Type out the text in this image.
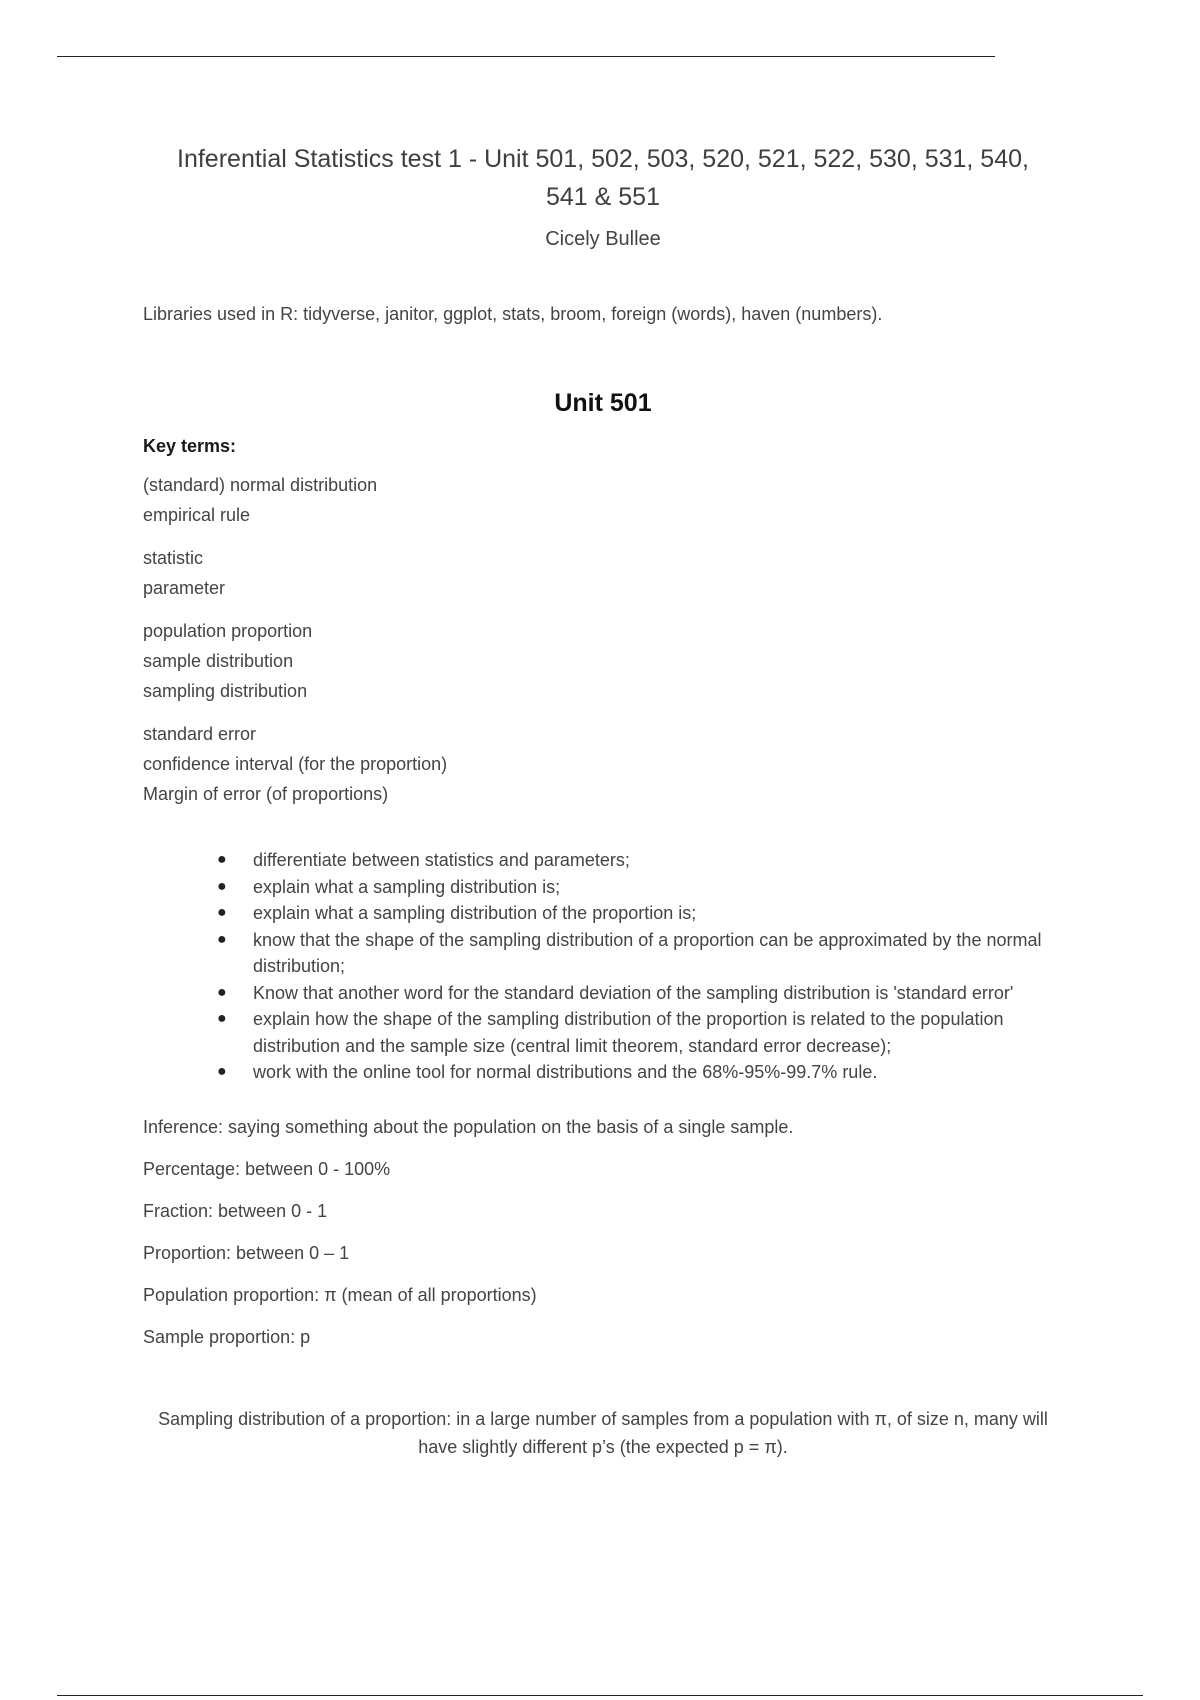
Inferential Statistics test 1 - Unit 501, 502, 503, 520, 521, 522, 530, 531, 540, 541 & 551
Cicely Bullee
Libraries used in R: tidyverse, janitor, ggplot, stats, broom, foreign (words), haven (numbers).
Unit 501
Key terms:
(standard) normal distribution
empirical rule
statistic
parameter
population proportion
sample distribution
sampling distribution
standard error
confidence interval (for the proportion)
Margin of error (of proportions)
● differentiate between statistics and parameters;
● explain what a sampling distribution is;
● explain what a sampling distribution of the proportion is;
● know that the shape of the sampling distribution of a proportion can be approximated by the normal distribution;
● Know that another word for the standard deviation of the sampling distribution is 'standard error'
● explain how the shape of the sampling distribution of the proportion is related to the population distribution and the sample size (central limit theorem, standard error decrease);
● work with the online tool for normal distributions and the 68%-95%-99.7% rule.
Inference: saying something about the population on the basis of a single sample.
Percentage: between 0 - 100%
Fraction: between 0 - 1
Proportion: between 0 – 1
Population proportion: π (mean of all proportions)
Sample proportion: p
Sampling distribution of a proportion: in a large number of samples from a population with π, of size n, many will have slightly different p’s (the expected p = π).
